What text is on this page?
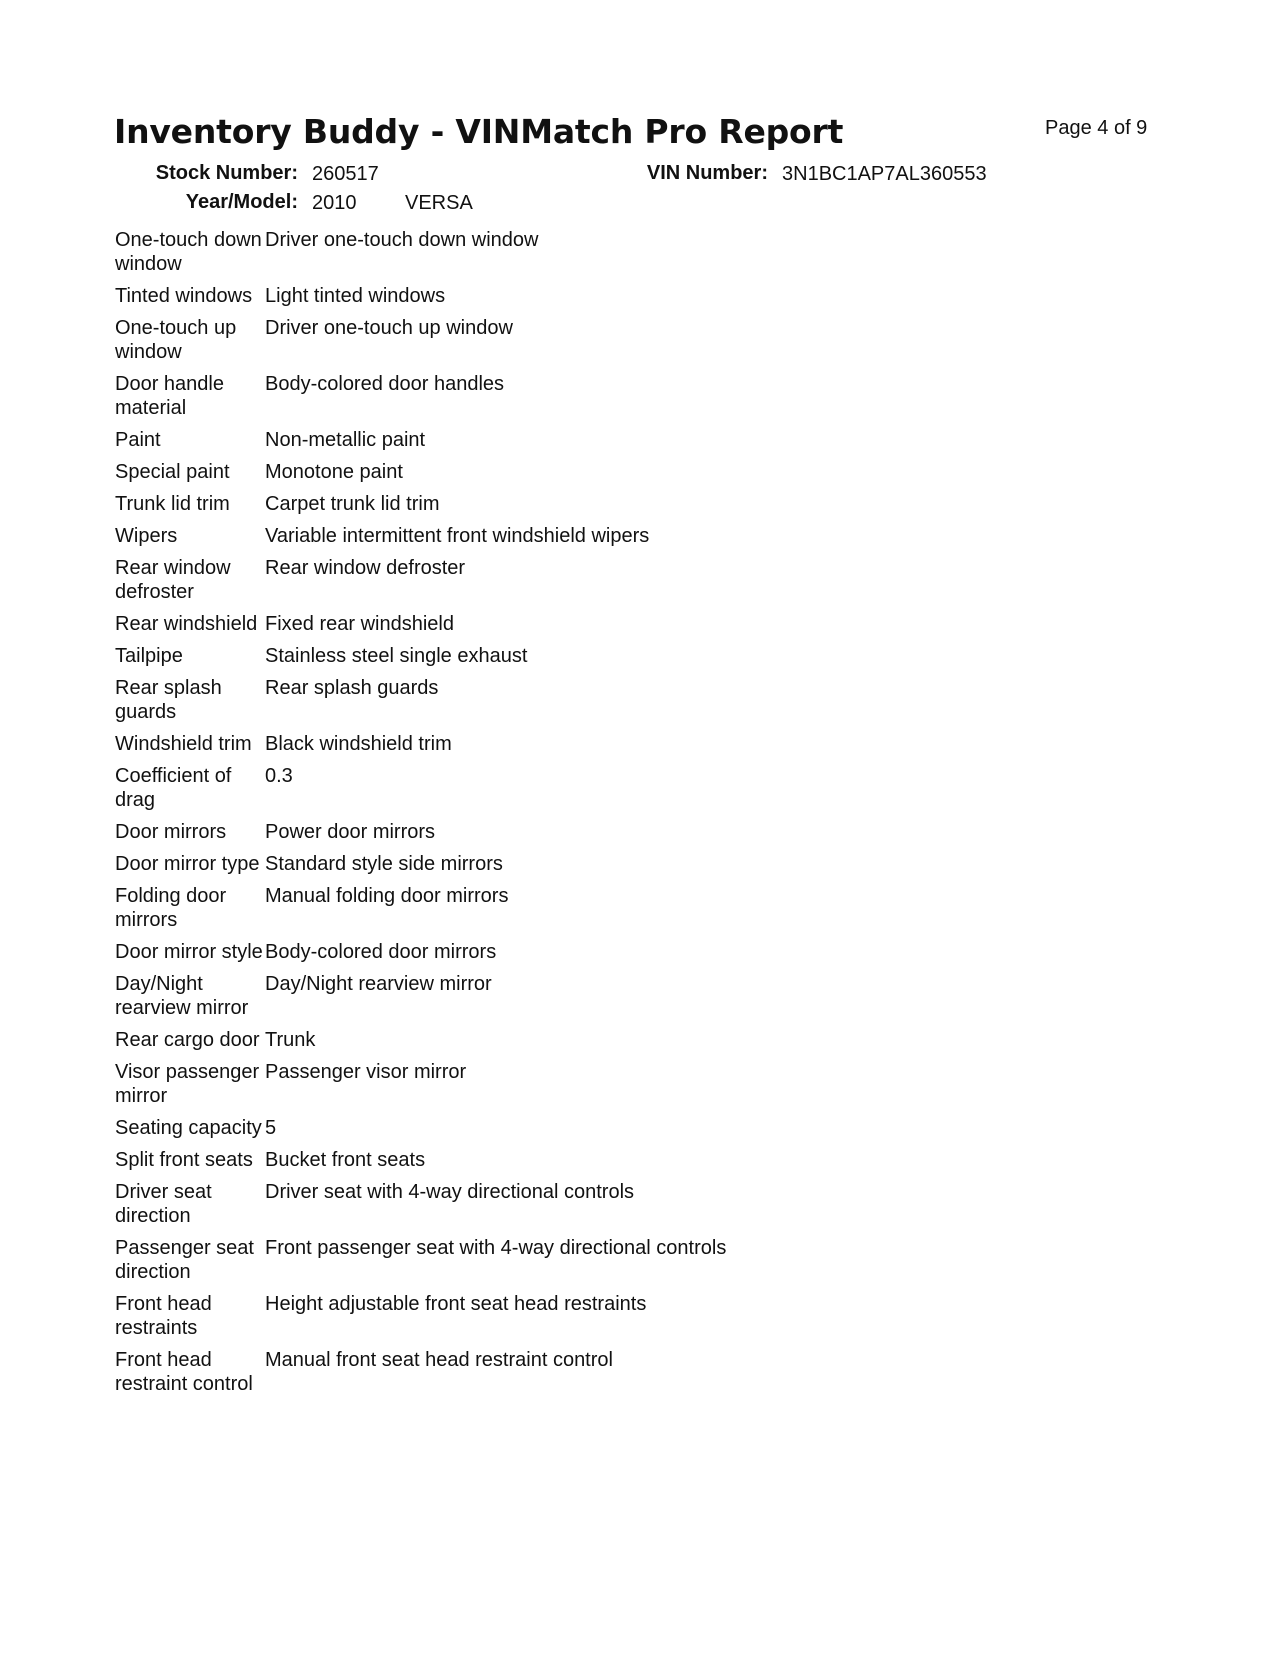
Inventory Buddy - VINMatch Pro Report	Page 4 of 9
Stock Number: 260517
Year/Model: 2010 VERSA
VIN Number: 3N1BC1AP7AL360553
One-touch down window	Driver one-touch down window
Tinted windows	Light tinted windows
One-touch up window	Driver one-touch up window
Door handle material	Body-colored door handles
Paint	Non-metallic paint
Special paint	Monotone paint
Trunk lid trim	Carpet trunk lid trim
Wipers	Variable intermittent front windshield wipers
Rear window defroster	Rear window defroster
Rear windshield	Fixed rear windshield
Tailpipe	Stainless steel single exhaust
Rear splash guards	Rear splash guards
Windshield trim	Black windshield trim
Coefficient of drag	0.3
Door mirrors	Power door mirrors
Door mirror type	Standard style side mirrors
Folding door mirrors	Manual folding door mirrors
Door mirror style	Body-colored door mirrors
Day/Night rearview mirror	Day/Night rearview mirror
Rear cargo door	Trunk
Visor passenger mirror	Passenger visor mirror
Seating capacity	5
Split front seats	Bucket front seats
Driver seat direction	Driver seat with 4-way directional controls
Passenger seat direction	Front passenger seat with 4-way directional controls
Front head restraints	Height adjustable front seat head restraints
Front head restraint control	Manual front seat head restraint control
